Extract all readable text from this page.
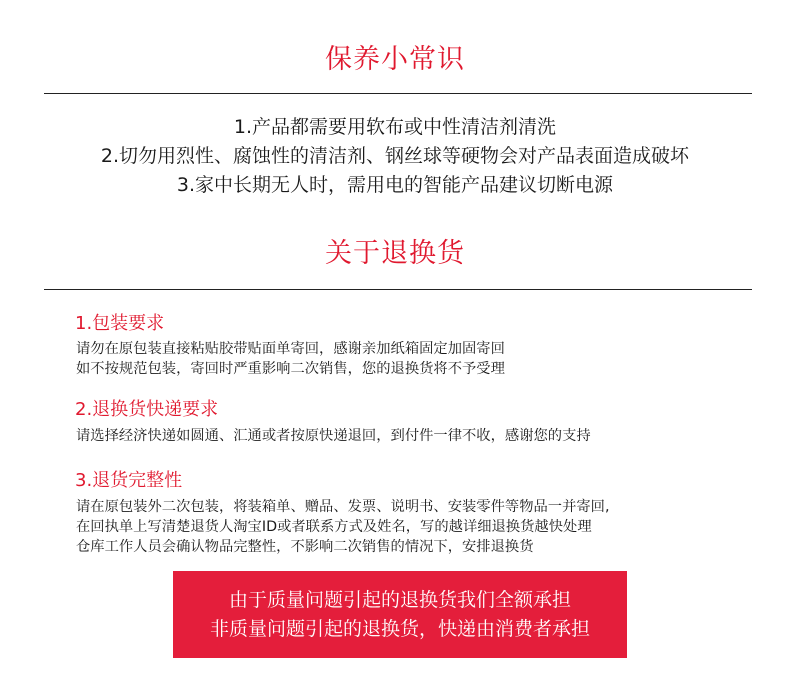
保养小常识
1.产品都需要用软布或中性清洁剂清洗
2.切勿用烈性、腐蚀性的清洁剂、钢丝球等硬物会对产品表面造成破坏
3.家中长期无人时，需用电的智能产品建议切断电源
关于退换货
1.包装要求
请勿在原包装直接粘贴胶带贴面单寄回，感谢亲加纸箱固定加固寄回
如不按规范包装，寄回时严重影响二次销售，您的退换货将不予受理
2.退换货快递要求
请选择经济快递如圆通、汇通或者按原快递退回，到付件一律不收，感谢您的支持
3.退货完整性
请在原包装外二次包装，将装箱单、赠品、发票、说明书、安装零件等物品一并寄回,
在回执单上写清楚退货人淘宝ID或者联系方式及姓名，写的越详细退换货越快处理
仓库工作人员会确认物品完整性，不影响二次销售的情况下，安排退换货
由于质量问题引起的退换货我们全额承担
非质量问题引起的退换货，快递由消费者承担
